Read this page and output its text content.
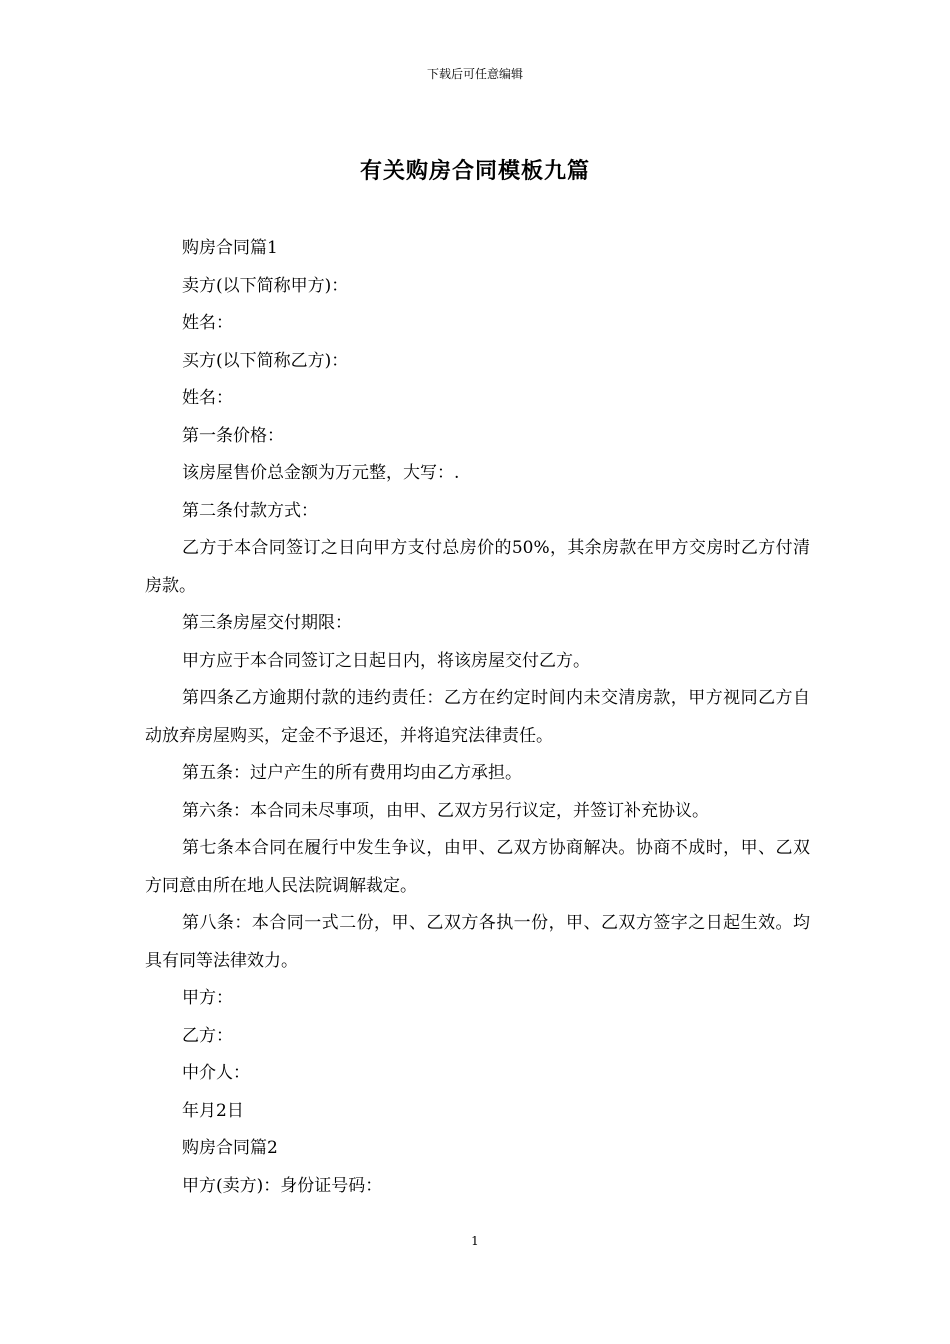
下载后可任意编辑
有关购房合同模板九篇

购房合同篇1

卖方(以下简称甲方)：

姓名：

买方(以下简称乙方)：

姓名：

第一条价格：

该房屋售价总金额为万元整，大写：.

第二条付款方式：

乙方于本合同签订之日向甲方支付总房价的50%，其余房款在甲方交房时乙方付清房款。

第三条房屋交付期限：

甲方应于本合同签订之日起日内，将该房屋交付乙方。

第四条乙方逾期付款的违约责任：乙方在约定时间内未交清房款，甲方视同乙方自动放弃房屋购买，定金不予退还，并将追究法律责任。

第五条：过户产生的所有费用均由乙方承担。

第六条：本合同未尽事项，由甲、乙双方另行议定，并签订补充协议。

第七条本合同在履行中发生争议，由甲、乙双方协商解决。协商不成时，甲、乙双方同意由所在地人民法院调解裁定。

第八条：本合同一式二份，甲、乙双方各执一份，甲、乙双方签字之日起生效。均具有同等法律效力。

甲方：

乙方：

中介人：

年月2日

购房合同篇2

甲方(卖方)：身份证号码：

1
